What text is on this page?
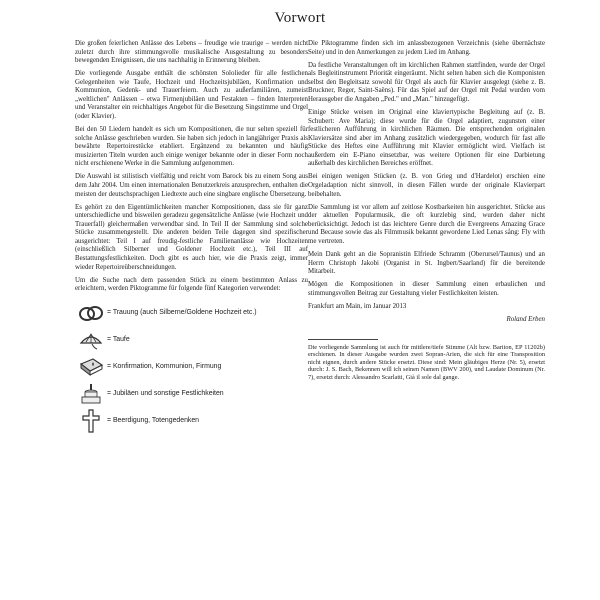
Vorwort

Die großen feierlichen Anlässe des Lebens – freudige wie traurige – werden nicht zuletzt durch ihre stimmungsvolle musikalische Ausgestaltung zu besonders bewegenden Ereignissen, die uns nachhaltig in Erinnerung bleiben.

Die vorliegende Ausgabe enthält die schönsten Sololieder für alle festlichen Gelegenheiten wie Taufe, Hochzeit und Hochzeitsjubiläen, Konfirmation und Kommunion, Gedenk- und Trauerfeiern. Auch zu außerfamiliären, zumeist „weltlichen" Anlässen – etwa Firmenjubiläen und Festakten – finden Interpreten und Veranstalter ein reichhaltiges Angebot für die Besetzung Singstimme und Orgel (oder Klavier).

Bei den 50 Liedern handelt es sich um Kompositionen, die nur selten speziell für solche Anlässe geschrieben wurden. Sie haben sich jedoch in langjähriger Praxis als bewährte Repertoirestücke etabliert. Ergänzend zu bekannten und häufig musizierten Titeln wurden auch einige weniger bekannte oder in dieser Form noch nicht erschienene Werke in die Sammlung aufgenommen.

Die Auswahl ist stilistisch vielfältig und reicht vom Barock bis zu einem Song aus dem Jahr 2004. Um einen internationalen Benutzerkreis anzusprechen, enthalten die meisten der deutschsprachigen Liedtexte auch eine singbare englische Übersetzung.

Es gehört zu den Eigentümlichkeiten mancher Kompositionen, dass sie für ganz unterschiedliche und bisweilen geradezu gegensätzliche Anlässe (wie Hochzeit und Trauerfall) gleichermaßen verwendbar sind. In Teil II der Sammlung sind solche Stücke zusammengestellt. Die anderen beiden Teile dagegen sind spezifischer ausgerichtet: Teil I auf freudig-festliche Familienanlässe wie Hochzeiten (einschließlich Silberner und Goldener Hochzeit etc.), Teil III auf Bestattungsfestlichkeiten. Doch gibt es auch hier, wie die Praxis zeigt, immer wieder Repertoireüberschneidungen.

Um die Suche nach dem passenden Stück zu einem bestimmten Anlass zu erleichtern, werden Piktogramme für folgende fünf Kategorien verwendet:

= Trauung (auch Silberne/Goldene Hochzeit etc.)
= Taufe
= Konfirmation, Kommunion, Firmung
= Jubiläen und sonstige Festlichkeiten
= Beerdigung, Totengedenken

Die Piktogramme finden sich im anlassbezogenen Verzeichnis (siehe übernächste Seite) und in den Anmerkungen zu jedem Lied im Anhang.

Da festliche Veranstaltungen oft im kirchlichen Rahmen stattfinden, wurde der Orgel als Begleitinstrument Priorität eingeräumt. Nicht selten haben sich die Komponisten selbst den Begleitsatz sowohl für Orgel als auch für Klavier ausgelegt (siehe z. B. Bruckner, Reger, Saint-Saëns). Für das Spiel auf der Orgel mit Pedal wurden vom Herausgeber die Angaben „Ped." und „Man." hinzugefügt.

Einige Stücke weisen im Original eine klaviertypische Begleitung auf (z. B. Schubert: Ave Maria); diese wurde für die Orgel adaptiert, zugunsten einer festlicheren Aufführung in kirchlichen Räumen. Die entsprechenden originalen Klaviersätze sind aber im Anhang zusätzlich wiedergegeben, wodurch für fast alle Stücke des Heftes eine Aufführung mit Klavier ermöglicht wird. Vielfach ist außerdem ein E-Piano einsetzbar, was weitere Optionen für eine Darbietung außerhalb des kirchlichen Bereiches eröffnet.

Bei einigen wenigen Stücken (z. B. von Grieg und d'Hardelot) erschien eine Orgeladaption nicht sinnvoll, in diesen Fällen wurde der originale Klavierpart beibehalten.

Die Sammlung ist vor allem auf zeitlose Kostbarkeiten hin ausgerichtet. Stücke aus der aktuellen Popularmusik, die oft kurzlebig sind, wurden daher nicht berücksichtigt. Jedoch ist das leichtere Genre durch die Evergreens Amazing Grace und Because sowie das als Filmmusik bekannt gewordene Lied Lenas sång: Fly with me vertreten.

Mein Dank geht an die Sopranistin Elfriede Schramm (Oberursel/Taunus) und an Herrn Christoph Jakobi (Organist in St. Ingbert/Saarland) für die bereitende Mitarbeit.

Mögen die Kompositionen in dieser Sammlung einen erbaulichen und stimmungsvollen Beitrag zur Gestaltung vieler Festlichkeiten leisten.

Frankfurt am Main, im Januar 2013

Roland Erben

Die vorliegende Sammlung ist auch für mittlere/tiefe Stimme (Alt bzw. Bariton, EP 11202b) erschienen. In dieser Ausgabe wurden zwei Sopran-Arien, die sich für eine Transposition nicht eignen, durch andere Stücke ersetzt. Diese sind: Mein gläubiges Herze (Nr. 5), ersetzt durch: J. S. Bach, Bekennen will ich seinen Namen (BWV 200), und Laudate Dominum (Nr. 7), ersetzt durch: Alessandro Scarlatti, Già il sole dal gange.
